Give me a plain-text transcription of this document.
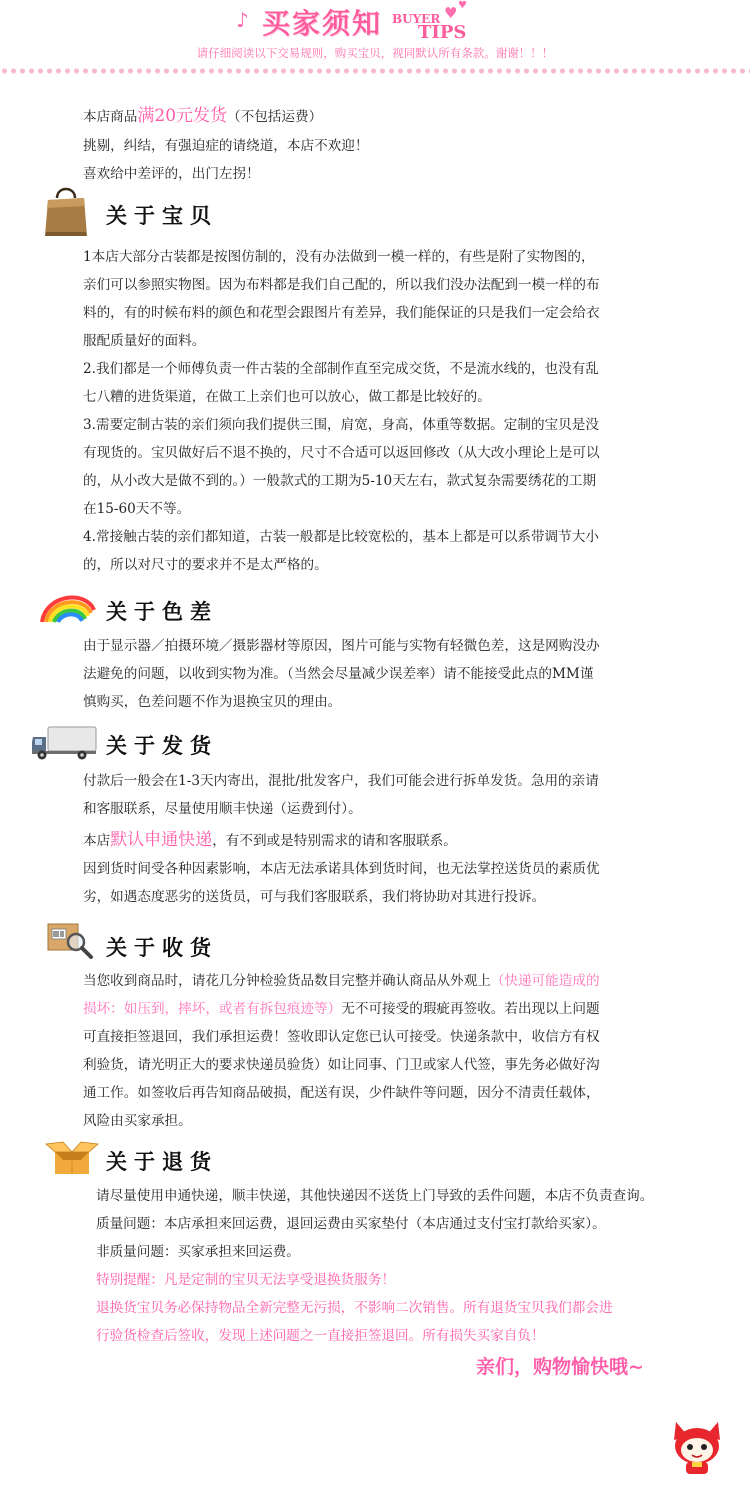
♪ 买家须知 BUYER
TIPS
♥ ♥
请仔细阅读以下交易规则，购买宝贝，视同默认所有条款。谢谢！！！
本店商品满20元发货（不包括运费）
挑剔，纠结，有强迫症的请绕道，本店不欢迎！
喜欢给中差评的，出门左拐！
关于宝贝
1本店大部分古装都是按图仿制的，没有办法做到一模一样的，有些是附了实物图的，
亲们可以参照实物图。因为布料都是我们自己配的，所以我们没办法配到一模一样的布
料的，有的时候布料的颜色和花型会跟图片有差异，我们能保证的只是我们一定会给衣
服配质量好的面料。
2.我们都是一个师傅负责一件古装的全部制作直至完成交货，不是流水线的，也没有乱
七八糟的进货渠道，在做工上亲们也可以放心，做工都是比较好的。
3.需要定制古装的亲们须向我们提供三围，肩宽，身高，体重等数据。定制的宝贝是没
有现货的。宝贝做好后不退不换的，尺寸不合适可以返回修改（从大改小理论上是可以
的，从小改大是做不到的。）一般款式的工期为5-10天左右，款式复杂需要绣花的工期
在15-60天不等。
4.常接触古装的亲们都知道，古装一般都是比较宽松的，基本上都是可以系带调节大小
的，所以对尺寸的要求并不是太严格的。
关于色差
由于显示器／拍摄环境／摄影器材等原因，图片可能与实物有轻微色差，这是网购没办
法避免的问题，以收到实物为准。（当然会尽量减少误差率）请不能接受此点的MM谨
慎购买，色差问题不作为退换宝贝的理由。
关于发货
付款后一般会在1-3天内寄出，混批/批发客户，我们可能会进行拆单发货。急用的亲请
和客服联系，尽量使用顺丰快递（运费到付）。
本店默认申通快递，有不到或是特别需求的请和客服联系。
因到货时间受各种因素影响，本店无法承诺具体到货时间，也无法掌控送货员的素质优
劣，如遇态度恶劣的送货员，可与我们客服联系，我们将协助对其进行投诉。
关于收货
当您收到商品时，请花几分钟检验货品数目完整并确认商品从外观上（快递可能造成的
损坏：如压到，摔坏，或者有拆包痕迹等）无不可接受的瑕疵再签收。若出现以上问题
可直接拒签退回，我们承担运费！签收即认定您已认可接受。快递条款中，收信方有权
利验货，请光明正大的要求快递员验货）如让同事、门卫或家人代签，事先务必做好沟
通工作。如签收后再告知商品破损，配送有误，少件缺件等问题，因分不清责任载体，
风险由买家承担。
关于退货
请尽量使用申通快递，顺丰快递，其他快递因不送货上门导致的丢件问题，本店不负责查询。
质量问题：本店承担来回运费，退回运费由买家垫付（本店通过支付宝打款给买家）。
非质量问题：买家承担来回运费。
特别提醒：凡是定制的宝贝无法享受退换货服务！
退换货宝贝务必保持物品全新完整无污损，不影响二次销售。所有退货宝贝我们都会进
行验货检查后签收，发现上述问题之一直接拒签退回。所有损失买家自负！
亲们，购物愉快哦~
